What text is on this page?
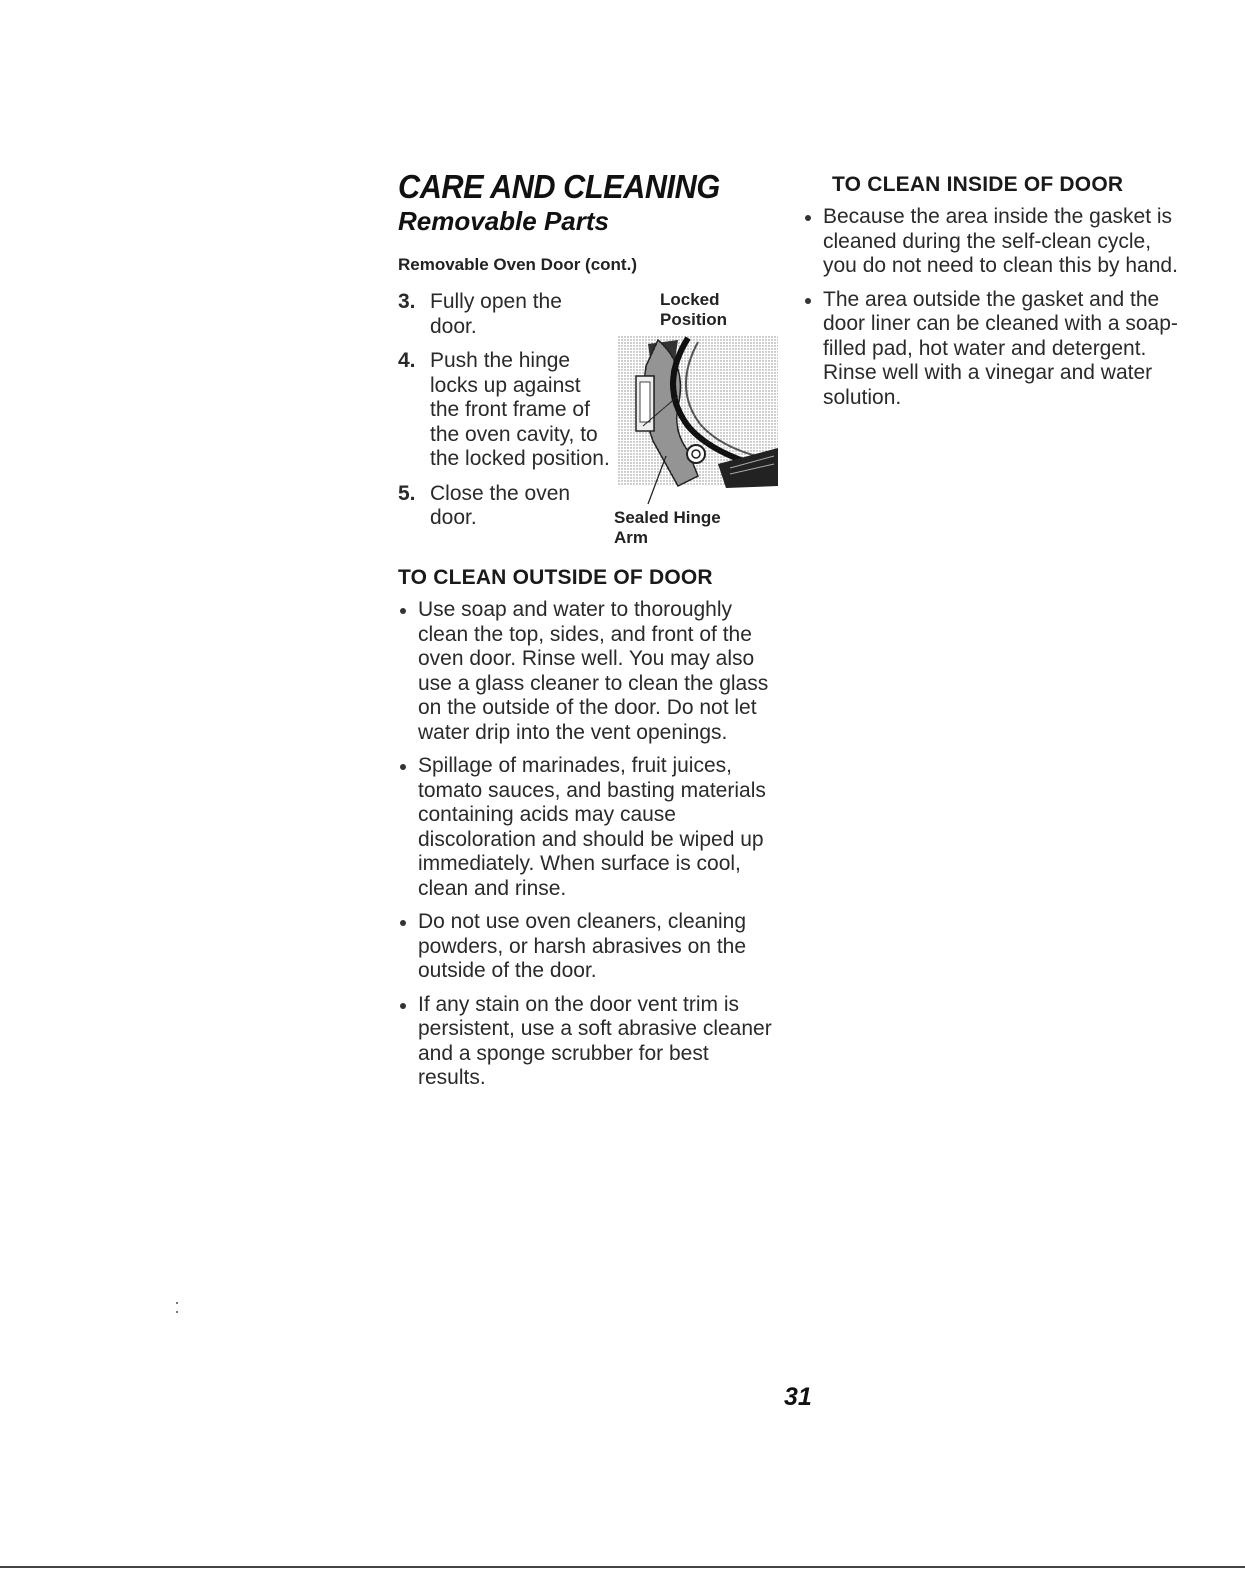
CARE AND CLEANING
Removable Parts

Removable Oven Door (cont.)

3. Fully open the door.
4. Push the hinge locks up against the front frame of the oven cavity, to the locked position.
5. Close the oven door.
Locked Position
Sealed Hinge Arm
TO CLEAN OUTSIDE OF DOOR
Use soap and water to thoroughly clean the top, sides, and front of the oven door. Rinse well. You may also use a glass cleaner to clean the glass on the outside of the door. Do not let water drip into the vent openings.
Spillage of marinades, fruit juices, tomato sauces, and basting materials containing acids may cause discoloration and should be wiped up immediately. When surface is cool, clean and rinse.
Do not use oven cleaners, cleaning powders, or harsh abrasives on the outside of the door.
If any stain on the door vent trim is persistent, use a soft abrasive cleaner and a sponge scrubber for best results.
TO CLEAN INSIDE OF DOOR
Because the area inside the gasket is cleaned during the self-clean cycle, you do not need to clean this by hand.
The area outside the gasket and the door liner can be cleaned with a soap-filled pad, hot water and detergent. Rinse well with a vinegar and water solution.
31
